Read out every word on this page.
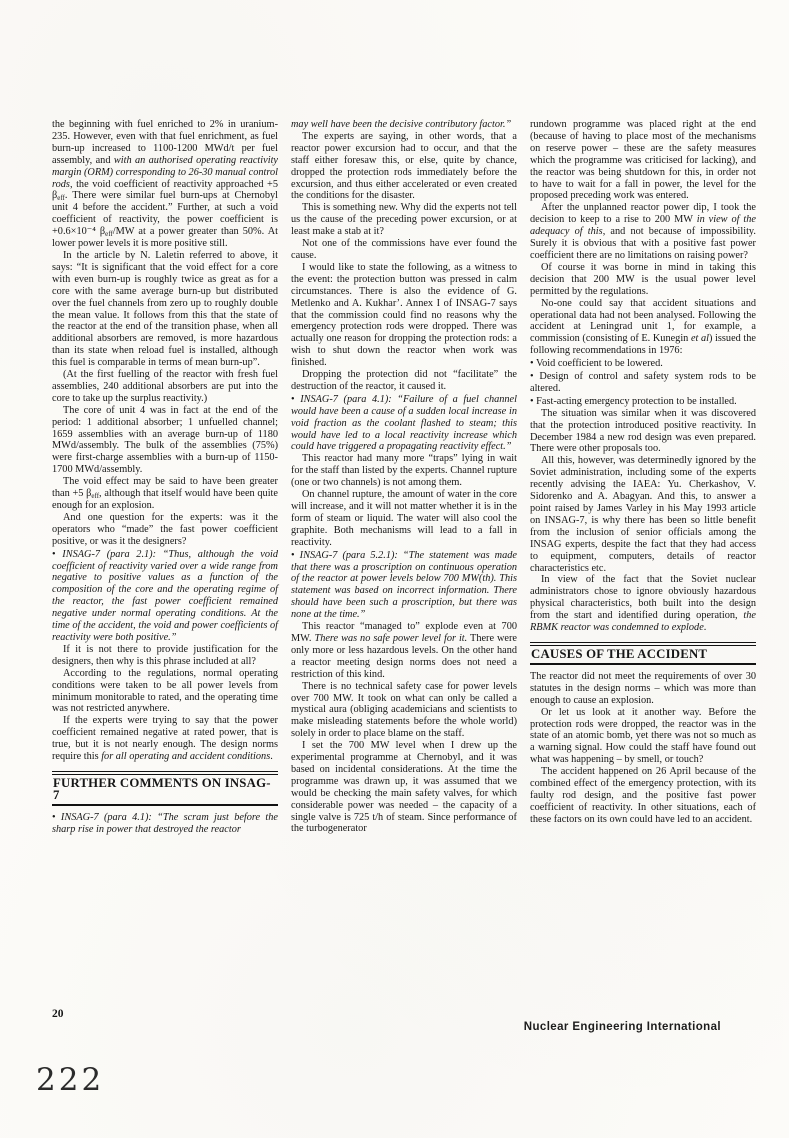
the beginning with fuel enriched to 2% in uranium-235. However, even with that fuel enrichment, as fuel burn-up increased to 1100-1200 MWd/t per fuel assembly, and with an authorised operating reactivity margin (ORM) corresponding to 26-30 manual control rods, the void coefficient of reactivity approached +5 $\beta_{eff}$. There were similar fuel burn-ups at Chernobyl unit 4 before the accident.” Further, at such a void coefficient of reactivity, the power coefficient is +0.6×10⁻⁴ $\beta_{eff}/MW$ at a power greater than 50%. At lower power levels it is more positive still.

In the article by N. Laletin referred to above, it says: “It is significant that the void effect for a core with even burn-up is roughly twice as great as for a core with the same average burn-up but distributed over the fuel channels from zero up to roughly double the mean value. It follows from this that the state of the reactor at the end of the transition phase, when all additional absorbers are removed, is more hazardous than its state when reload fuel is installed, although this fuel is comparable in terms of mean burn-up”.

(At the first fuelling of the reactor with fresh fuel assemblies, 240 additional absorbers are put into the core to take up the surplus reactivity.)

The core of unit 4 was in fact at the end of the period: 1 additional absorber; 1 unfuelled channel; 1659 assemblies with an average burn-up of 1180 MWd/assembly. The bulk of the assemblies (75%) were first-charge assemblies with a burn-up of 1150-1700 MWd/assembly.

The void effect may be said to have been greater than +5 $\beta_{eff}$, although that itself would have been quite enough for an explosion.

And one question for the experts: was it the operators who “made” the fast power coefficient positive, or was it the designers?

• INSAG-7 (para 2.1): “Thus, although the void coefficient of reactivity varied over a wide range from negative to positive values as a function of the composition of the core and the operating regime of the reactor, the fast power coefficient remained negative under normal operating conditions. At the time of the accident, the void and power coefficients of reactivity were both positive.”

If it is not there to provide justification for the designers, then why is this phrase included at all?

According to the regulations, normal operating conditions were taken to be all power levels from minimum monitorable to rated, and the operating time was not restricted anywhere.

If the experts were trying to say that the power coefficient remained negative at rated power, that is true, but it is not nearly enough. The design norms require this for all operating and accident conditions.

FURTHER COMMENTS ON INSAG-7

• INSAG-7 (para 4.1): “The scram just before the sharp rise in power that destroyed the reactor

may well have been the decisive contributory factor.”

The experts are saying, in other words, that a reactor power excursion had to occur, and that the staff either foresaw this, or else, quite by chance, dropped the protection rods immediately before the excursion, and thus either accelerated or even created the conditions for the disaster.

This is something new. Why did the experts not tell us the cause of the preceding power excursion, or at least make a stab at it?

Not one of the commissions have ever found the cause.

I would like to state the following, as a witness to the event: the protection button was pressed in calm circumstances. There is also the evidence of G. Metlenko and A. Kukhar’. Annex I of INSAG-7 says that the commission could find no reasons why the emergency protection rods were dropped. There was actually one reason for dropping the protection rods: a wish to shut down the reactor when work was finished.

Dropping the protection did not “facilitate” the destruction of the reactor, it caused it.

• INSAG-7 (para 4.1): “Failure of a fuel channel would have been a cause of a sudden local increase in void fraction as the coolant flashed to steam; this would have led to a local reactivity increase which could have triggered a propagating reactivity effect.”

This reactor had many more “traps” lying in wait for the staff than listed by the experts. Channel rupture (one or two channels) is not among them.

On channel rupture, the amount of water in the core will increase, and it will not matter whether it is in the form of steam or liquid. The water will also cool the graphite. Both mechanisms will lead to a fall in reactivity.

• INSAG-7 (para 5.2.1): “The statement was made that there was a proscription on continuous operation of the reactor at power levels below 700 MW(th). This statement was based on incorrect information. There should have been such a proscription, but there was none at the time.”

This reactor “managed to” explode even at 700 MW. There was no safe power level for it. There were only more or less hazardous levels. On the other hand a reactor meeting design norms does not need a restriction of this kind.

There is no technical safety case for power levels over 700 MW. It took on what can only be called a mystical aura (obliging academicians and scientists to make misleading statements before the whole world) solely in order to place blame on the staff.

I set the 700 MW level when I drew up the experimental programme at Chernobyl, and it was based on incidental considerations. At the time the programme was drawn up, it was assumed that we would be checking the main safety valves, for which considerable power was needed – the capacity of a single valve is 725 t/h of steam. Since performance of the turbogenerator

rundown programme was placed right at the end (because of having to place most of the mechanisms on reserve power – these are the safety measures which the programme was criticised for lacking), and the reactor was being shutdown for this, in order not to have to wait for a fall in power, the level for the proposed preceding work was entered.

After the unplanned reactor power dip, I took the decision to keep to a rise to 200 MW in view of the adequacy of this, and not because of impossibility. Surely it is obvious that with a positive fast power coefficient there are no limitations on raising power?

Of course it was borne in mind in taking this decision that 200 MW is the usual power level permitted by the regulations.

No-one could say that accident situations and operational data had not been analysed. Following the accident at Leningrad unit 1, for example, a commission (consisting of E. Kunegin et al) issued the following recommendations in 1976:

• Void coefficient to be lowered.

• Design of control and safety system rods to be altered.

• Fast-acting emergency protection to be installed.

The situation was similar when it was discovered that the protection introduced positive reactivity. In December 1984 a new rod design was even prepared. There were other proposals too.

All this, however, was determinedly ignored by the Soviet administration, including some of the experts recently advising the IAEA: Yu. Cherkashov, V. Sidorenko and A. Abagyan. And this, to answer a point raised by James Varley in his May 1993 article on INSAG-7, is why there has been so little benefit from the inclusion of senior officials among the INSAG experts, despite the fact that they had access to equipment, computers, details of reactor characteristics etc.

In view of the fact that the Soviet nuclear administrators chose to ignore obviously hazardous physical characteristics, both built into the design from the start and identified during operation, the RBMK reactor was condemned to explode.

CAUSES OF THE ACCIDENT

The reactor did not meet the requirements of over 30 statutes in the design norms – which was more than enough to cause an explosion.

Or let us look at it another way. Before the protection rods were dropped, the reactor was in the state of an atomic bomb, yet there was not so much as a warning signal. How could the staff have found out what was happening – by smell, or touch?

The accident happened on 26 April because of the combined effect of the emergency protection, with its faulty rod design, and the positive fast power coefficient of reactivity. In other situations, each of these factors on its own could have led to an accident.

20
Nuclear Engineering International
222
